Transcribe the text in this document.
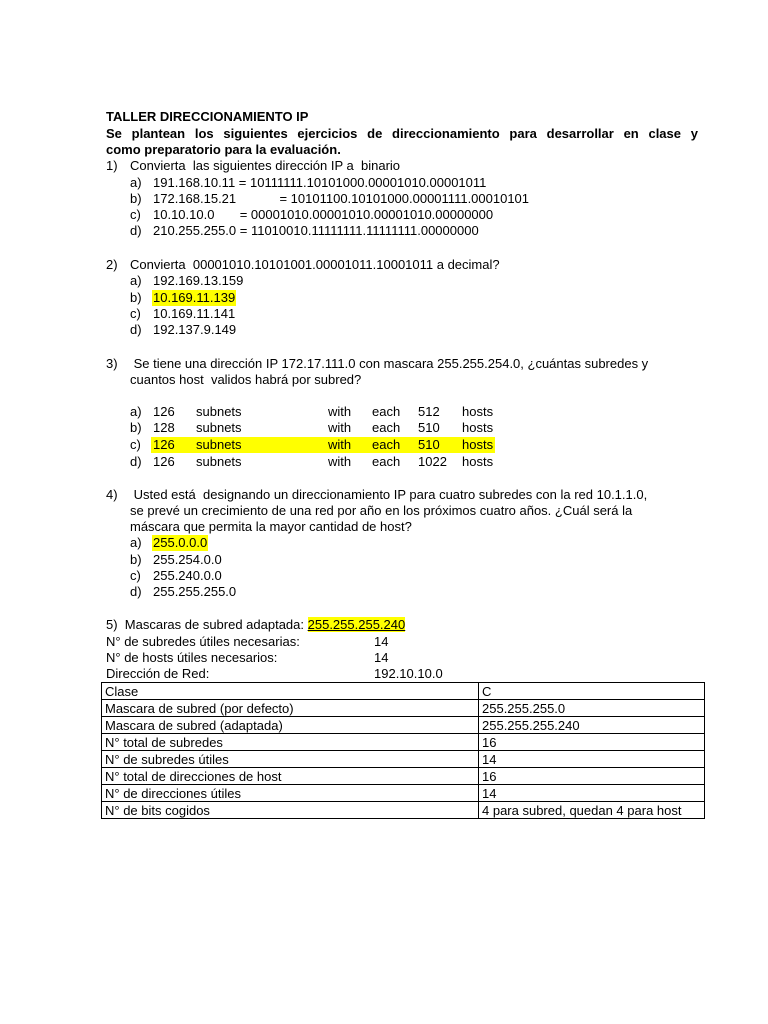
TALLER DIRECCIONAMIENTO IP
Se plantean los siguientes ejercicios de direccionamiento para desarrollar en clase y
como preparatorio para la evaluación.
1) Convierta  las siguientes dirección IP a  binario
a) 191.168.10.11 = 10111111.10101000.00001010.00001011
b) 172.168.15.21            = 10101100.10101000.00001111.00010101
c) 10.10.10.0       = 00001010.00001010.00001010.00000000
d) 210.255.255.0 = 11010010.11111111.11111111.00000000
2) Convierta  00001010.10101001.00001011.10001011 a decimal?
a) 192.169.13.159
b) 10.169.11.139
c) 10.169.11.141
d) 192.137.9.149
3) Se tiene una dirección IP 172.17.111.0 con mascara 255.255.254.0, ¿cuántas subredes y
cuantos host  validos habrá por subred?
a) 126 subnets	with each 512 hosts
b) 128 subnets	with each 510 hosts
c) 126 subnets	with each 510 hosts
d) 126 subnets	with each 1022 hosts
4) Usted está  designando un direccionamiento IP para cuatro subredes con la red 10.1.1.0,
se prevé un crecimiento de una red por año en los próximos cuatro años. ¿Cuál será la
máscara que permita la mayor cantidad de host?
a) 255.0.0.0
b) 255.254.0.0
c) 255.240.0.0
d) 255.255.255.0
5)  Mascaras de subred adaptada: 255.255.255.240
N° de subredes útiles necesarias:	14
N° de hosts útiles necesarios:	14
Dirección de Red:	192.10.10.0
Clase	C
Mascara de subred (por defecto)	255.255.255.0
Mascara de subred (adaptada)	255.255.255.240
N° total de subredes	16
N° de subredes útiles	14
N° total de direcciones de host	16
N° de direcciones útiles	14
N° de bits cogidos	4 para subred, quedan 4 para host
